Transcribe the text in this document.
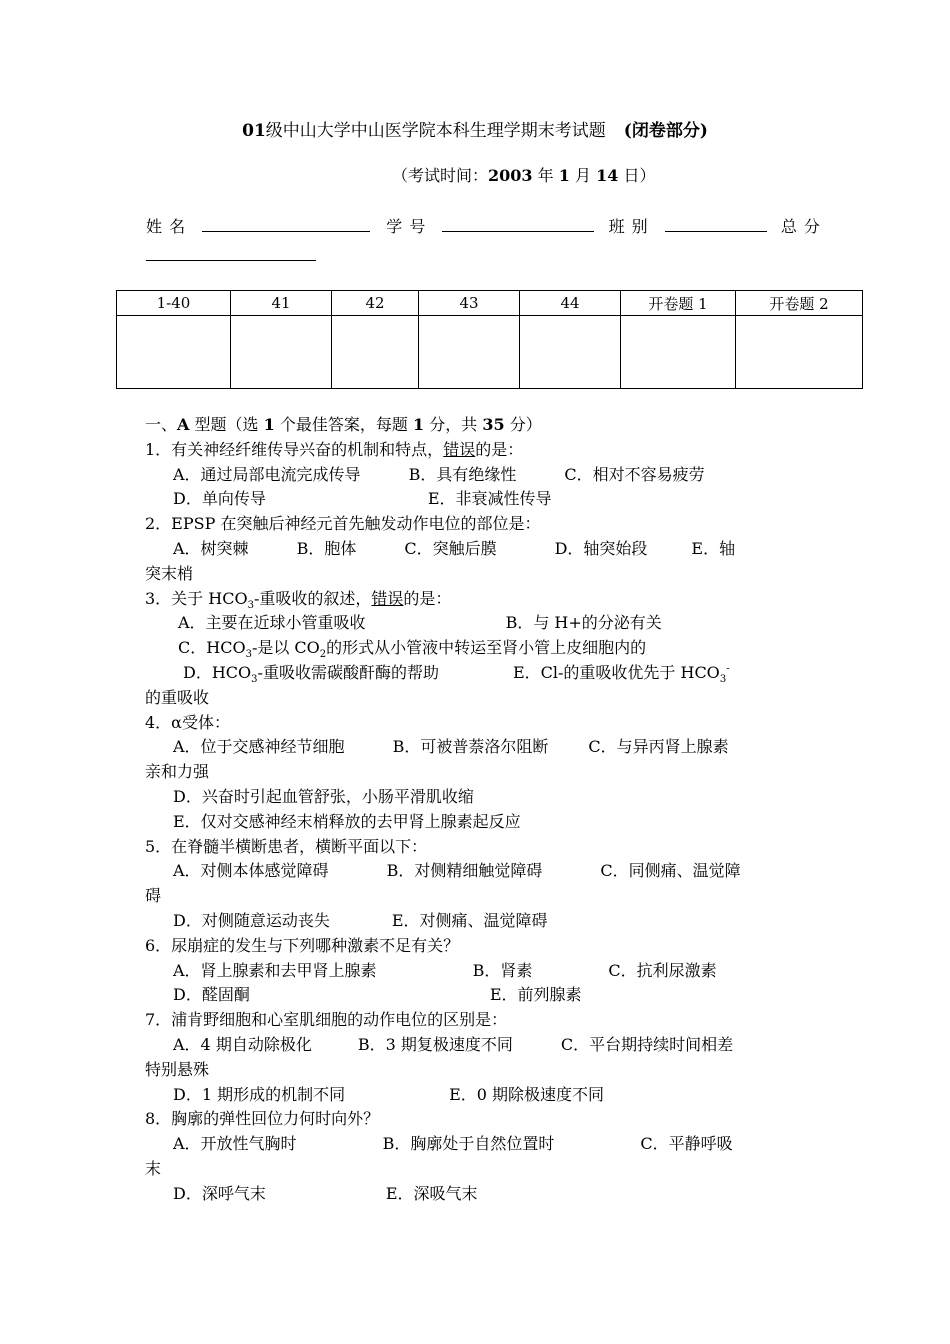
01级中山大学中山医学院本科生理学期末考试题 (闭卷部分)
（考试时间：2003 年 1 月 14 日）
姓 名	学 号	班 别	总 分
1-40	41	42	43	44	开卷题 1	开卷题 2

一、A 型题（选 1 个最佳答案，每题 1 分，共 35 分）
1．有关神经纤维传导兴奋的机制和特点，错误的是：
A．通过局部电流完成传导	B．具有绝缘性	C．相对不容易疲劳
D．单向传导	E．非衰减性传导
2．EPSP 在突触后神经元首先触发动作电位的部位是：
A．树突棘	B．胞体	C．突触后膜	D．轴突始段	E．轴
突末梢
3．关于 $HCO_3-$重吸收的叙述，错误的是：
A．主要在近球小管重吸收	B．与 H+的分泌有关
C．$HCO_3-$是以 $CO_2$的形式从小管液中转运至肾小管上皮细胞内的
D．$HCO_3-$重吸收需碳酸酐酶的帮助	E．Cl-的重吸收优先于 $HCO_3^-$
的重吸收
4．α受体：
A．位于交感神经节细胞	B．可被普萘洛尔阻断	C．与异丙肾上腺素
亲和力强
D．兴奋时引起血管舒张，小肠平滑肌收缩
E．仅对交感神经末梢释放的去甲肾上腺素起反应
5．在脊髓半横断患者，横断平面以下：
A．对侧本体感觉障碍	B．对侧精细触觉障碍	C．同侧痛、温觉障
碍
D．对侧随意运动丧失	E．对侧痛、温觉障碍
6．尿崩症的发生与下列哪种激素不足有关？
A．肾上腺素和去甲肾上腺素	B．肾素	C．抗利尿激素
D．醛固酮	E．前列腺素
7．浦肯野细胞和心室肌细胞的动作电位的区别是：
A．4 期自动除极化	B．3 期复极速度不同	C．平台期持续时间相差
特别悬殊
D．1 期形成的机制不同	E．0 期除极速度不同
8．胸廓的弹性回位力何时向外？
A．开放性气胸时	B．胸廓处于自然位置时	C．平静呼吸
末
D．深呼气末	E．深吸气末
